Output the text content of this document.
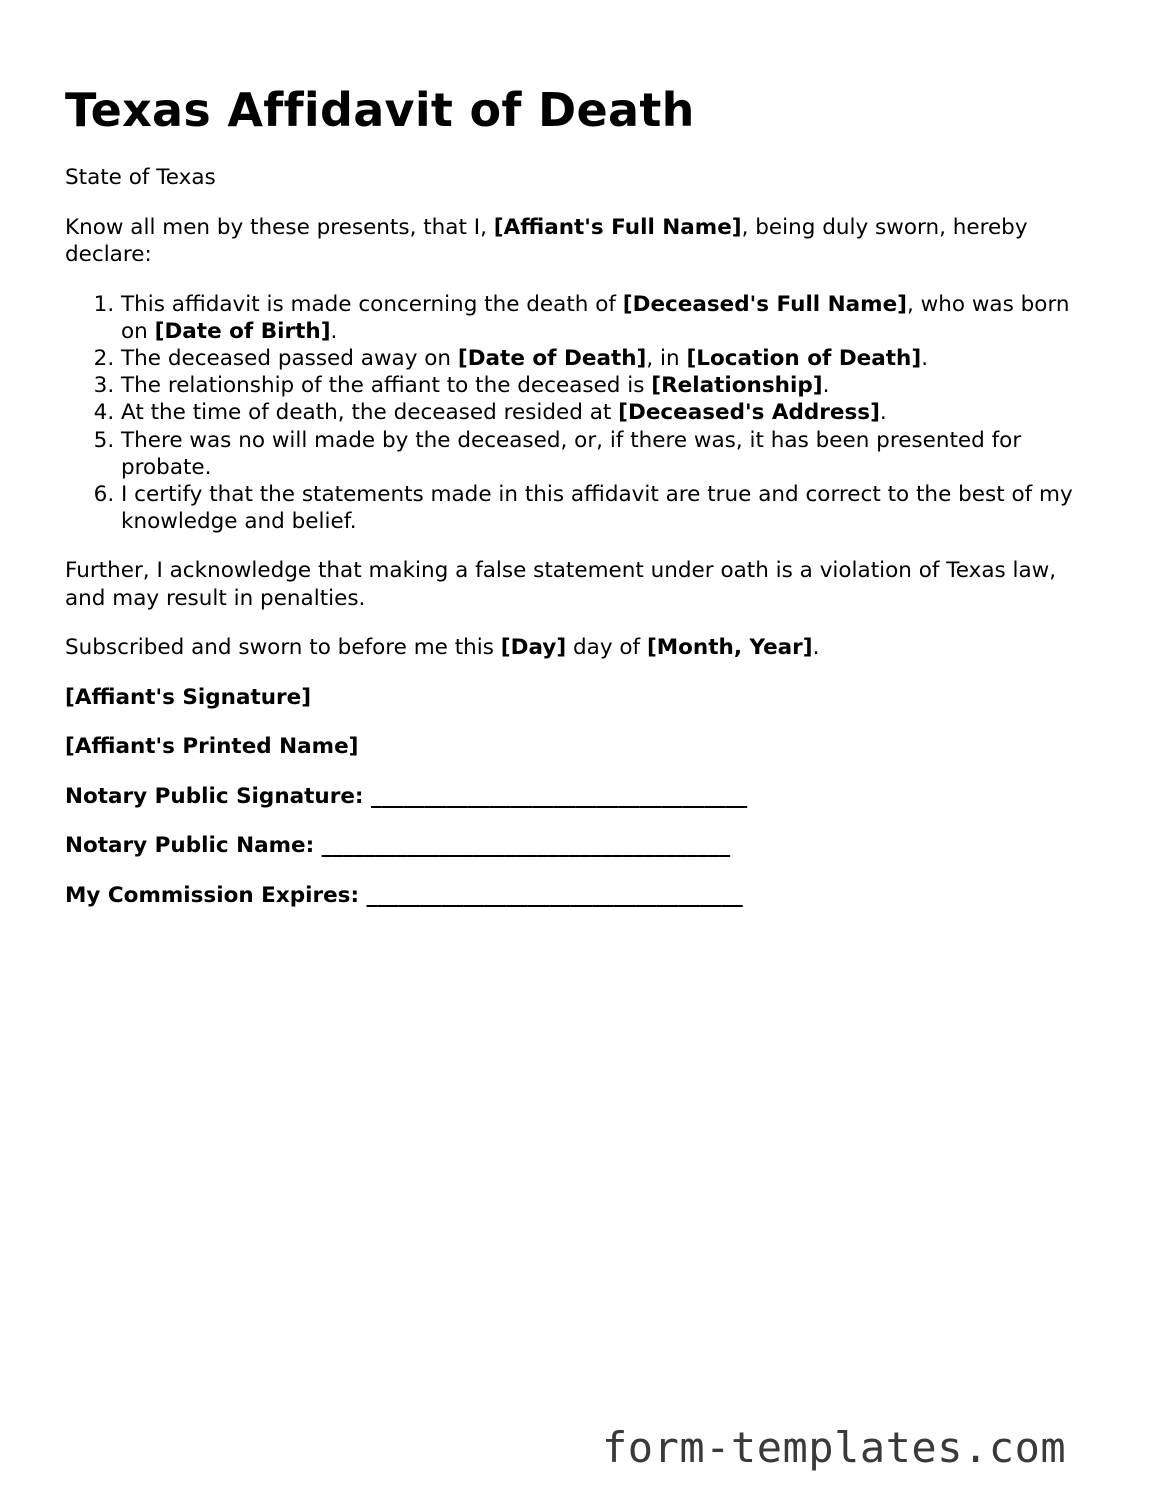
Texas Affidavit of Death

State of Texas

Know all men by these presents, that I, [Affiant's Full Name], being duly sworn, hereby declare:

1. This affidavit is made concerning the death of [Deceased's Full Name], who was born on [Date of Birth].
2. The deceased passed away on [Date of Death], in [Location of Death].
3. The relationship of the affiant to the deceased is [Relationship].
4. At the time of death, the deceased resided at [Deceased's Address].
5. There was no will made by the deceased, or, if there was, it has been presented for probate.
6. I certify that the statements made in this affidavit are true and correct to the best of my knowledge and belief.

Further, I acknowledge that making a false statement under oath is a violation of Texas law, and may result in penalties.

Subscribed and sworn to before me this [Day] day of [Month, Year].

[Affiant's Signature]

[Affiant's Printed Name]

Notary Public Signature: ___________________________________

Notary Public Name: ______________________________________

My Commission Expires: ___________________________________

form-templates.com
